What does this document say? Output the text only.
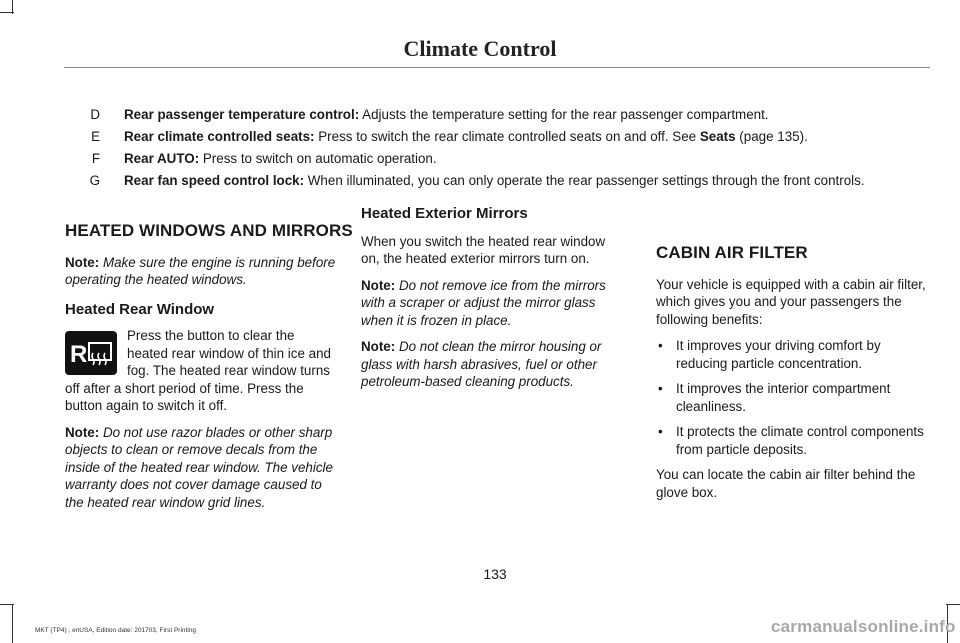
Climate Control
D Rear passenger temperature control: Adjusts the temperature setting for the rear passenger compartment.
E Rear climate controlled seats: Press to switch the rear climate controlled seats on and off. See Seats (page 135).
F Rear AUTO: Press to switch on automatic operation.
G Rear fan speed control lock: When illuminated, you can only operate the rear passenger settings through the front controls.
HEATED WINDOWS AND MIRRORS

Note: Make sure the engine is running before operating the heated windows.

Heated Rear Window
R
Press the button to clear the
heated rear window of thin ice and
fog. The heated rear window turns

off after a short period of time. Press the button again to switch it off.

Note: Do not use razor blades or other sharp objects to clean or remove decals from the inside of the heated rear window. The vehicle warranty does not cover damage caused to the heated rear window grid lines.

Heated Exterior Mirrors

When you switch the heated rear window on, the heated exterior mirrors turn on.

Note: Do not remove ice from the mirrors with a scraper or adjust the mirror glass when it is frozen in place.

Note: Do not clean the mirror housing or glass with harsh abrasives, fuel or other petroleum-based cleaning products.

CABIN AIR FILTER

Your vehicle is equipped with a cabin air filter, which gives you and your passengers the following benefits:

• It improves your driving comfort by reducing particle concentration.
• It improves the interior compartment cleanliness.
• It protects the climate control components from particle deposits.

You can locate the cabin air filter behind the glove box.

133
MKT (TP4) , enUSA, Edition date: 201703, First Printing	carmanualsonline.info
